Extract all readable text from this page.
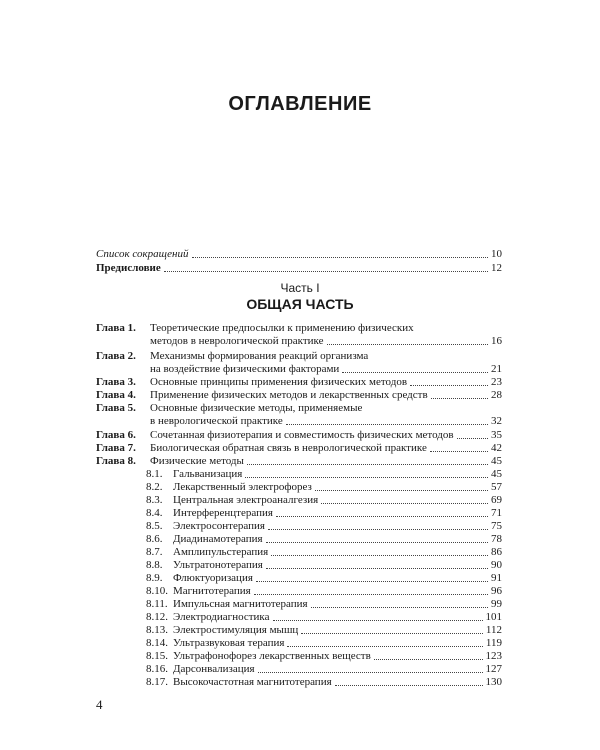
ОГЛАВЛЕНИЕ
Список сокращений	10
Предисловие	12
Часть I
ОБЩАЯ ЧАСТЬ
Глава 1. Теоретические предпосылки к применению физических
методов в неврологической практике	16
Глава 2. Механизмы формирования реакций организма
на воздействие физическими факторами	21
Глава 3. Основные принципы применения физических методов	23
Глава 4. Применение физических методов и лекарственных средств	28
Глава 5. Основные физические методы, применяемые
в неврологической практике	32
Глава 6. Сочетанная физиотерапия и совместимость физических методов	35
Глава 7. Биологическая обратная связь в неврологической практике	42
Глава 8. Физические методы	45
8.1. Гальванизация	45
8.2. Лекарственный электрофорез	57
8.3. Центральная электроаналгезия	69
8.4. Интерференцтерапия	71
8.5. Электросонтерапия	75
8.6. Диадинамотерапия	78
8.7. Амплипульстерапия	86
8.8. Ультратонотерапия	90
8.9. Флюктуоризация	91
8.10. Магнитотерапия	96
8.11. Импульсная магнитотерапия	99
8.12. Электродиагностика	101
8.13. Электростимуляция мышц	112
8.14. Ультразвуковая терапия	119
8.15. Ультрафонофорез лекарственных веществ	123
8.16. Дарсонвализация	127
8.17. Высокочастотная магнитотерапия	130
4
